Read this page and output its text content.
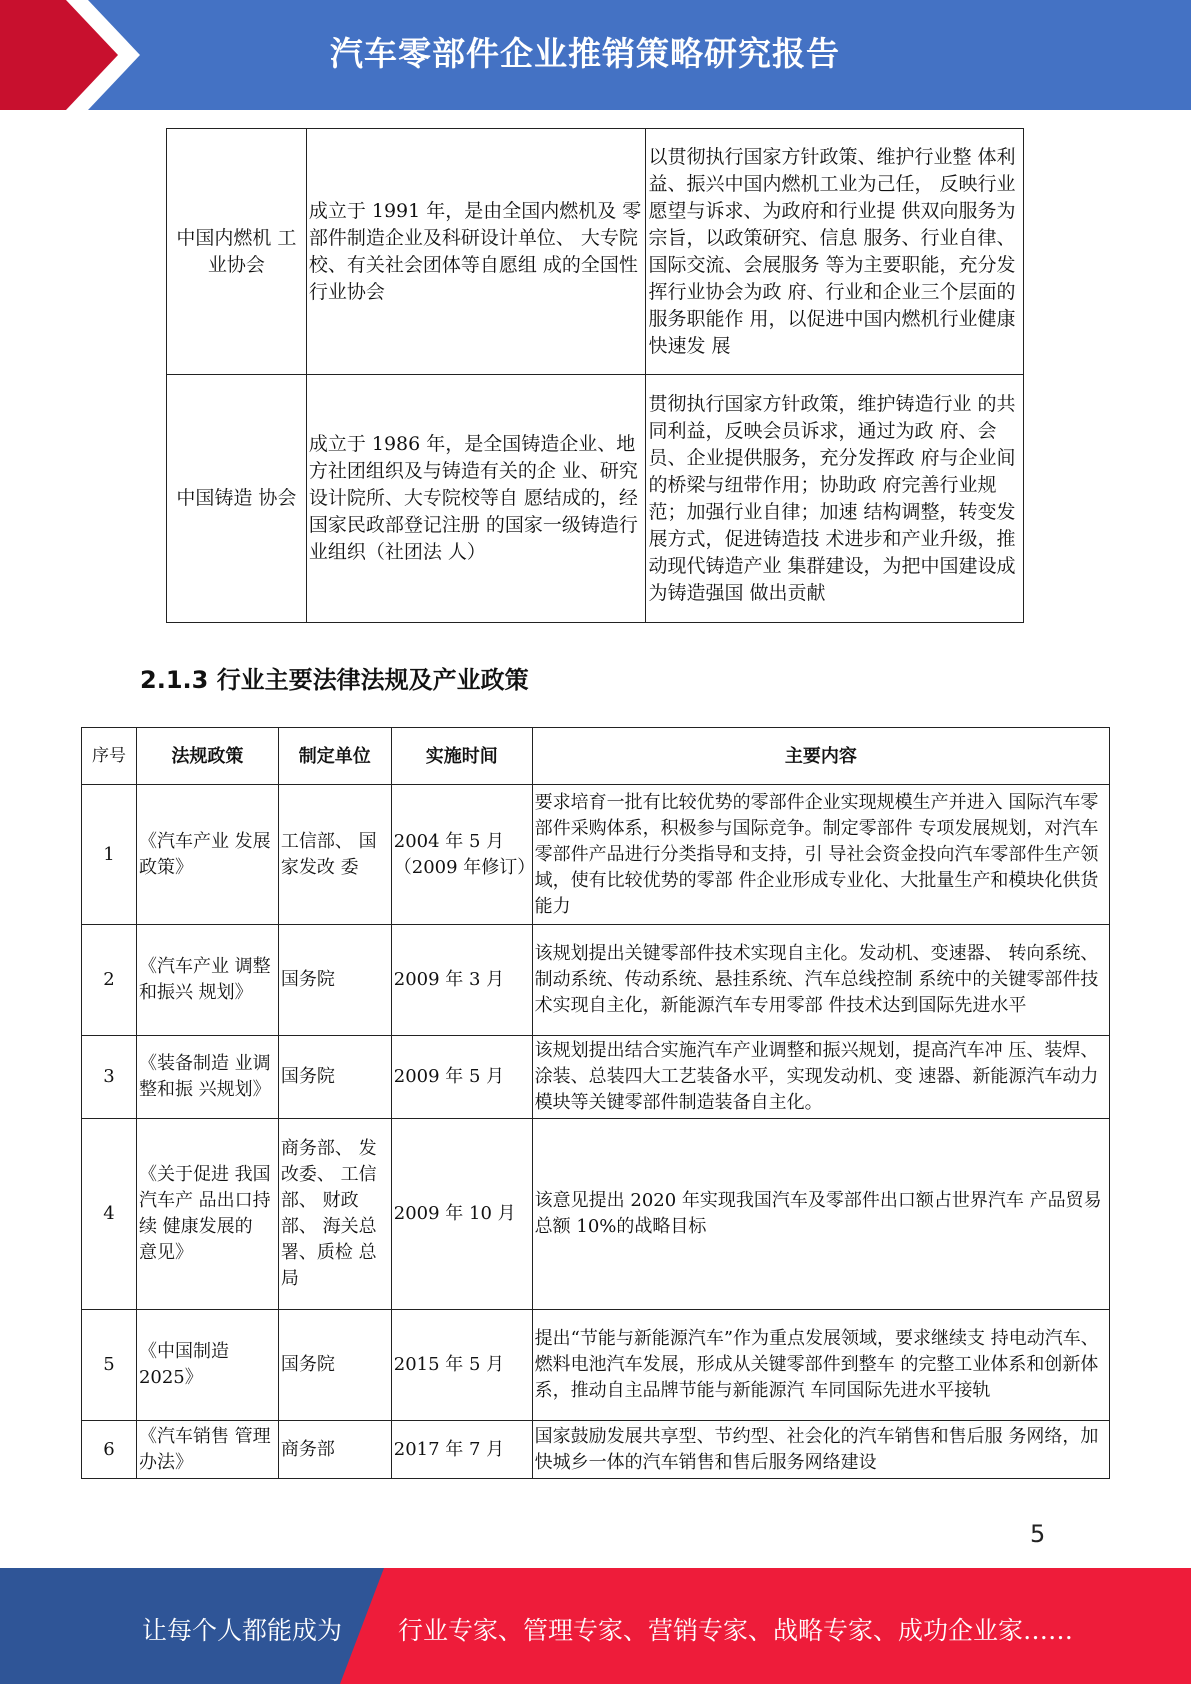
汽车零部件企业推销策略研究报告
中国内燃机 工业协会	成立于 1991 年，是由全国内燃机及 零部件制造企业及科研设计单位、 大专院校、有关社会团体等自愿组 成的全国性行业协会	以贯彻执行国家方针政策、维护行业整 体利益、振兴中国内燃机工业为己任， 反映行业愿望与诉求、为政府和行业提 供双向服务为宗旨，以政策研究、信息 服务、行业自律、国际交流、会展服务 等为主要职能，充分发挥行业协会为政 府、行业和企业三个层面的服务职能作 用，以促进中国内燃机行业健康快速发 展
中国铸造 协会	成立于 1986 年，是全国铸造企业、地方社团组织及与铸造有关的企 业、研究设计院所、大专院校等自 愿结成的，经国家民政部登记注册 的国家一级铸造行业组织（社团法 人）	贯彻执行国家方针政策，维护铸造行业 的共同利益，反映会员诉求，通过为政 府、会员、企业提供服务，充分发挥政 府与企业间的桥梁与纽带作用；协助政 府完善行业规范；加强行业自律；加速 结构调整，转变发展方式，促进铸造技 术进步和产业升级，推动现代铸造产业 集群建设，为把中国建设成为铸造强国 做出贡献
2.1.3 行业主要法律法规及产业政策
序号	法规政策	制定单位	实施时间	主要内容
1	《汽车产业 发展政策》	工信部、 国家发改 委	2004 年 5 月（2009 年修订）	要求培育一批有比较优势的零部件企业实现规模生产并进入 国际汽车零部件采购体系，积极参与国际竞争。制定零部件 专项发展规划，对汽车零部件产品进行分类指导和支持，引 导社会资金投向汽车零部件生产领域，使有比较优势的零部 件企业形成专业化、大批量生产和模块化供货能力
2	《汽车产业 调整和振兴 规划》	国务院	2009 年 3 月	该规划提出关键零部件技术实现自主化。发动机、变速器、 转向系统、制动系统、传动系统、悬挂系统、汽车总线控制 系统中的关键零部件技术实现自主化，新能源汽车专用零部 件技术达到国际先进水平
3	《装备制造 业调整和振 兴规划》	国务院	2009 年 5 月	该规划提出结合实施汽车产业调整和振兴规划，提高汽车冲 压、装焊、涂装、总装四大工艺装备水平，实现发动机、变 速器、新能源汽车动力模块等关键零部件制造装备自主化。
4	《关于促进 我国汽车产 品出口持续 健康发展的 意见》	商务部、 发改委、 工信部、 财政部、 海关总署、质检 总局	2009 年 10 月	该意见提出 2020 年实现我国汽车及零部件出口额占世界汽车 产品贸易总额 10%的战略目标
5	《中国制造 2025》	国务院	2015 年 5 月	提出“节能与新能源汽车”作为重点发展领域，要求继续支 持电动汽车、燃料电池汽车发展，形成从关键零部件到整车 的完整工业体系和创新体系，推动自主品牌节能与新能源汽 车同国际先进水平接轨
6	《汽车销售 管理办法》	商务部	2017 年 7 月	国家鼓励发展共享型、节约型、社会化的汽车销售和售后服 务网络，加快城乡一体的汽车销售和售后服务网络建设
5
让每个人都能成为 行业专家、管理专家、营销专家、战略专家、成功企业家……
